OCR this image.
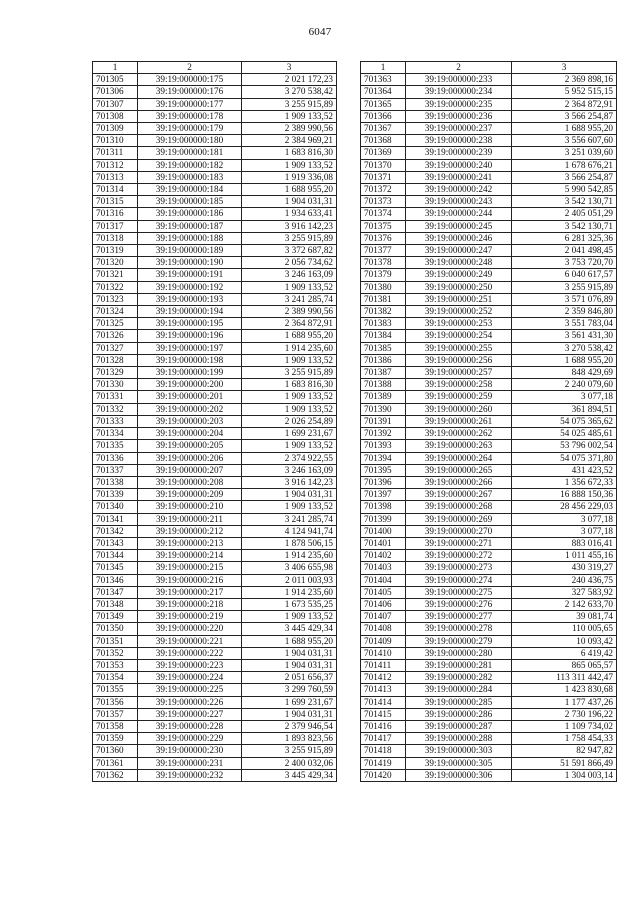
6047
1	2	3
701305	39:19:000000:175	2 021 172,23
701306	39:19:000000:176	3 270 538,42
701307	39:19:000000:177	3 255 915,89
701308	39:19:000000:178	1 909 133,52
701309	39:19:000000:179	2 389 990,56
701310	39:19:000000:180	2 384 969,21
701311	39:19:000000:181	1 683 816,30
701312	39:19:000000:182	1 909 133,52
701313	39:19:000000:183	1 919 336,08
701314	39:19:000000:184	1 688 955,20
701315	39:19:000000:185	1 904 031,31
701316	39:19:000000:186	1 934 633,41
701317	39:19:000000:187	3 916 142,23
701318	39:19:000000:188	3 255 915,89
701319	39:19:000000:189	3 372 687,82
701320	39:19:000000:190	2 056 734,62
701321	39:19:000000:191	3 246 163,09
701322	39:19:000000:192	1 909 133,52
701323	39:19:000000:193	3 241 285,74
701324	39:19:000000:194	2 389 990,56
701325	39:19:000000:195	2 364 872,91
701326	39:19:000000:196	1 688 955,20
701327	39:19:000000:197	1 914 235,60
701328	39:19:000000:198	1 909 133,52
701329	39:19:000000:199	3 255 915,89
701330	39:19:000000:200	1 683 816,30
701331	39:19:000000:201	1 909 133,52
701332	39:19:000000:202	1 909 133,52
701333	39:19:000000:203	2 026 254,89
701334	39:19:000000:204	1 699 231,67
701335	39:19:000000:205	1 909 133,52
701336	39:19:000000:206	2 374 922,55
701337	39:19:000000:207	3 246 163,09
701338	39:19:000000:208	3 916 142,23
701339	39:19:000000:209	1 904 031,31
701340	39:19:000000:210	1 909 133,52
701341	39:19:000000:211	3 241 285,74
701342	39:19:000000:212	4 124 941,74
701343	39:19:000000:213	1 878 506,15
701344	39:19:000000:214	1 914 235,60
701345	39:19:000000:215	3 406 655,98
701346	39:19:000000:216	2 011 003,93
701347	39:19:000000:217	1 914 235,60
701348	39:19:000000:218	1 673 535,25
701349	39:19:000000:219	1 909 133,52
701350	39:19:000000:220	3 445 429,34
701351	39:19:000000:221	1 688 955,20
701352	39:19:000000:222	1 904 031,31
701353	39:19:000000:223	1 904 031,31
701354	39:19:000000:224	2 051 656,37
701355	39:19:000000:225	3 299 760,59
701356	39:19:000000:226	1 699 231,67
701357	39:19:000000:227	1 904 031,31
701358	39:19:000000:228	2 379 946,54
701359	39:19:000000:229	1 893 823,56
701360	39:19:000000:230	3 255 915,89
701361	39:19:000000:231	2 400 032,06
701362	39:19:000000:232	3 445 429,34
1	2	3
701363	39:19:000000:233	2 369 898,16
701364	39:19:000000:234	5 952 515,15
701365	39:19:000000:235	2 364 872,91
701366	39:19:000000:236	3 566 254,87
701367	39:19:000000:237	1 688 955,20
701368	39:19:000000:238	3 556 607,60
701369	39:19:000000:239	3 251 039,60
701370	39:19:000000:240	1 678 676,21
701371	39:19:000000:241	3 566 254,87
701372	39:19:000000:242	5 990 542,85
701373	39:19:000000:243	3 542 130,71
701374	39:19:000000:244	2 405 051,29
701375	39:19:000000:245	3 542 130,71
701376	39:19:000000:246	6 281 325,36
701377	39:19:000000:247	2 041 498,45
701378	39:19:000000:248	3 753 720,70
701379	39:19:000000:249	6 040 617,57
701380	39:19:000000:250	3 255 915,89
701381	39:19:000000:251	3 571 076,89
701382	39:19:000000:252	2 359 846,80
701383	39:19:000000:253	3 551 783,04
701384	39:19:000000:254	3 561 431,30
701385	39:19:000000:255	3 270 538,42
701386	39:19:000000:256	1 688 955,20
701387	39:19:000000:257	848 429,69
701388	39:19:000000:258	2 240 079,60
701389	39:19:000000:259	3 077,18
701390	39:19:000000:260	361 894,51
701391	39:19:000000:261	54 075 365,62
701392	39:19:000000:262	54 025 485,61
701393	39:19:000000:263	53 796 002,54
701394	39:19:000000:264	54 075 371,80
701395	39:19:000000:265	431 423,52
701396	39:19:000000:266	1 356 672,33
701397	39:19:000000:267	16 888 150,36
701398	39:19:000000:268	28 456 229,03
701399	39:19:000000:269	3 077,18
701400	39:19:000000:270	3 077,18
701401	39:19:000000:271	883 016,41
701402	39:19:000000:272	1 011 455,16
701403	39:19:000000:273	430 319,27
701404	39:19:000000:274	240 436,75
701405	39:19:000000:275	327 583,92
701406	39:19:000000:276	2 142 633,70
701407	39:19:000000:277	39 081,74
701408	39:19:000000:278	110 005,65
701409	39:19:000000:279	10 093,42
701410	39:19:000000:280	6 419,42
701411	39:19:000000:281	865 065,57
701412	39:19:000000:282	113 311 442,47
701413	39:19:000000:284	1 423 830,68
701414	39:19:000000:285	1 177 437,26
701415	39:19:000000:286	2 730 196,22
701416	39:19:000000:287	1 109 734,02
701417	39:19:000000:288	1 758 454,33
701418	39:19:000000:303	82 947,82
701419	39:19:000000:305	51 591 866,49
701420	39:19:000000:306	1 304 003,14
